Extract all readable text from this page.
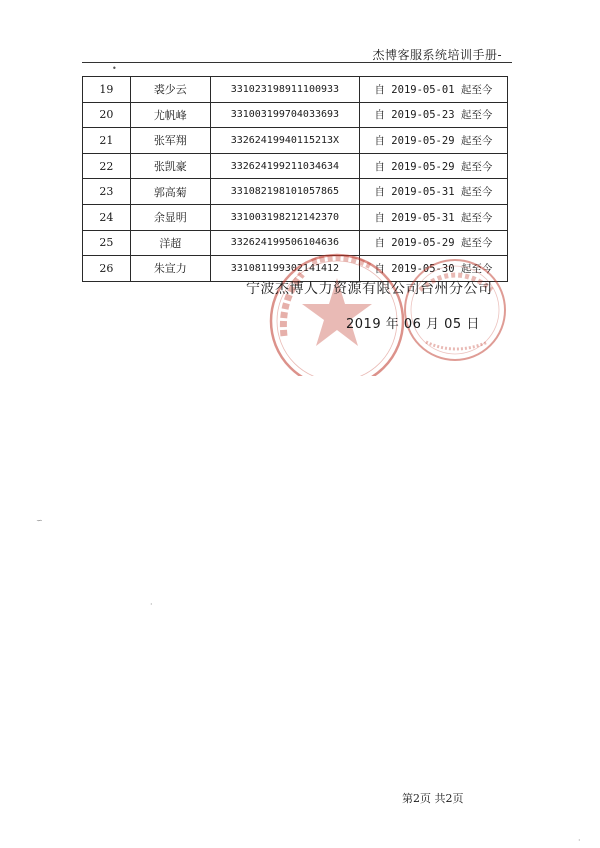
杰博客服系统培训手册-
•
19	裘少云	331023198911100933	自 2019-05-01 起至今
20	尤帆峰	331003199704033693	自 2019-05-23 起至今
21	张军翔	33262419940115213X	自 2019-05-29 起至今
22	张凯豪	332624199211034634	自 2019-05-29 起至今
23	郭高菊	331082198101057865	自 2019-05-31 起至今
24	余显明	331003198212142370	自 2019-05-31 起至今
25	洋超	332624199506104636	自 2019-05-29 起至今
26	朱宣力	331081199302141412	自 2019-05-30 起至今
宁波杰博人力资源有限公司台州分公司
2019 年 06 月 05 日
∽
·
·
第2页 共2页
